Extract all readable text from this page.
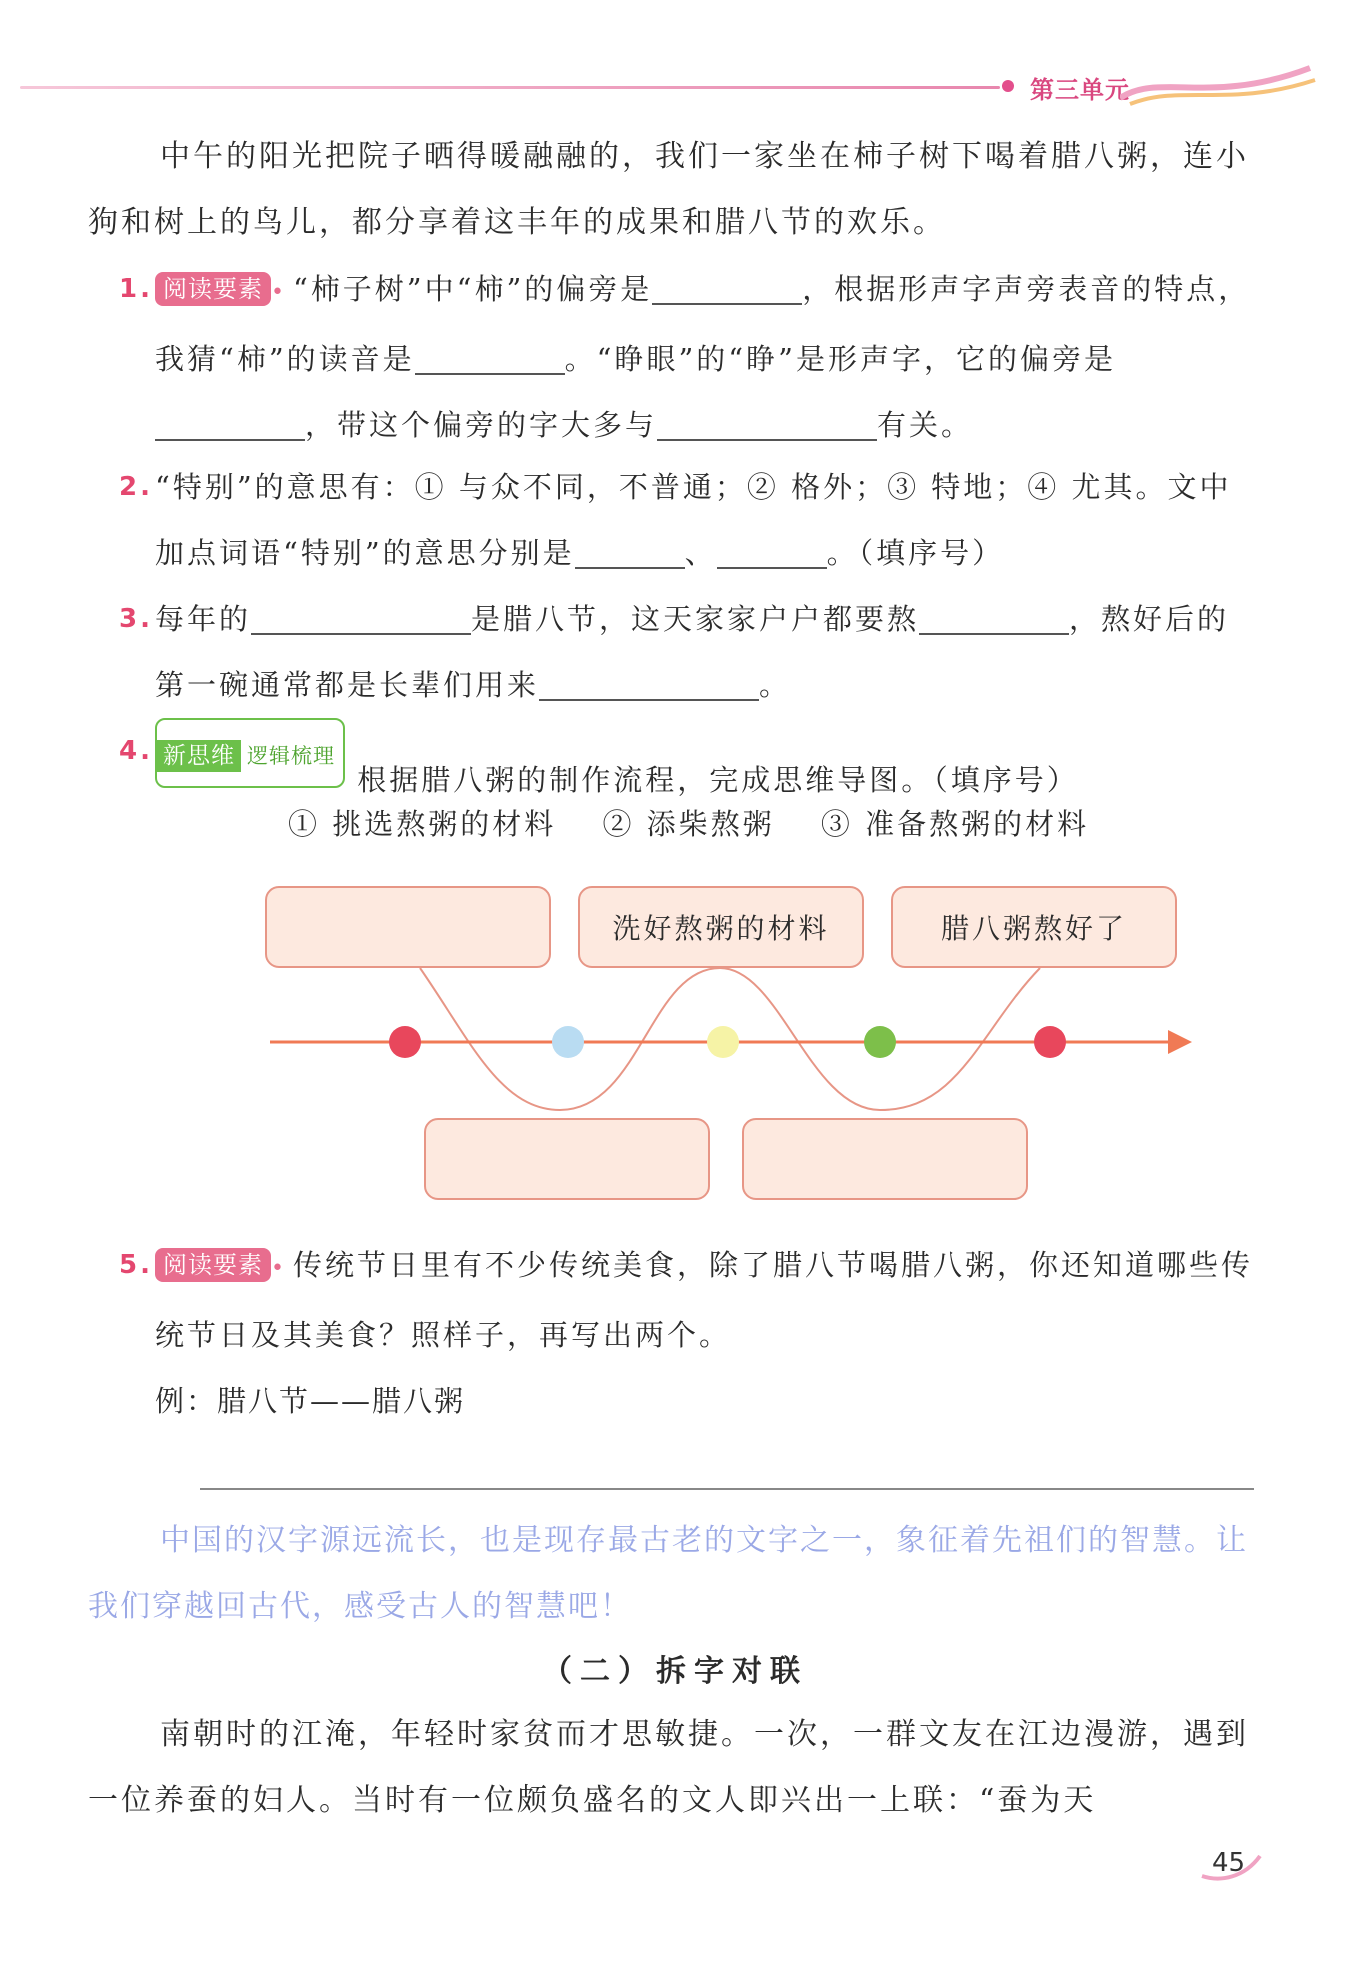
第三单元
中午的阳光把院子晒得暖融融的，我们一家坐在柿子树下喝着腊八粥，连小狗和树上的鸟儿，都分享着这丰年的成果和腊八节的欢乐。
1. 阅读要素 • “柿子树”中“柿”的偏旁是	，根据形声字声旁表音的特点，我猜“柿”的读音是	。“睁眼”的“睁”是形声字，它的偏旁是，带这个偏旁的字大多与	有关。
2. “特别”的意思有：① 与众不同，不普通；② 格外；③ 特地；④ 尤其。文中加点词语“特别”的意思分别是	、	。（填序号）
3. 每年的	是腊八节，这天家家户户都要熬	，熬好后的第一碗通常都是长辈们用来	。
4. 新思维 逻辑梳理 根据腊八粥的制作流程，完成思维导图。（填序号）
① 挑选熬粥的材料 ② 添柴熬粥 ③ 准备熬粥的材料
洗好熬粥的材料	腊八粥熬好了
5. 阅读要素 • 传统节日里有不少传统美食，除了腊八节喝腊八粥，你还知道哪些传统节日及其美食？照样子，再写出两个。
例：腊八节——腊八粥
中国的汉字源远流长，也是现存最古老的文字之一，象征着先祖们的智慧。让我们穿越回古代，感受古人的智慧吧！
（二）拆字对联
南朝时的江淹，年轻时家贫而才思敏捷。一次，一群文友在江边漫游，遇到一位养蚕的妇人。当时有一位颇负盛名的文人即兴出一上联：“蚕为天
45
